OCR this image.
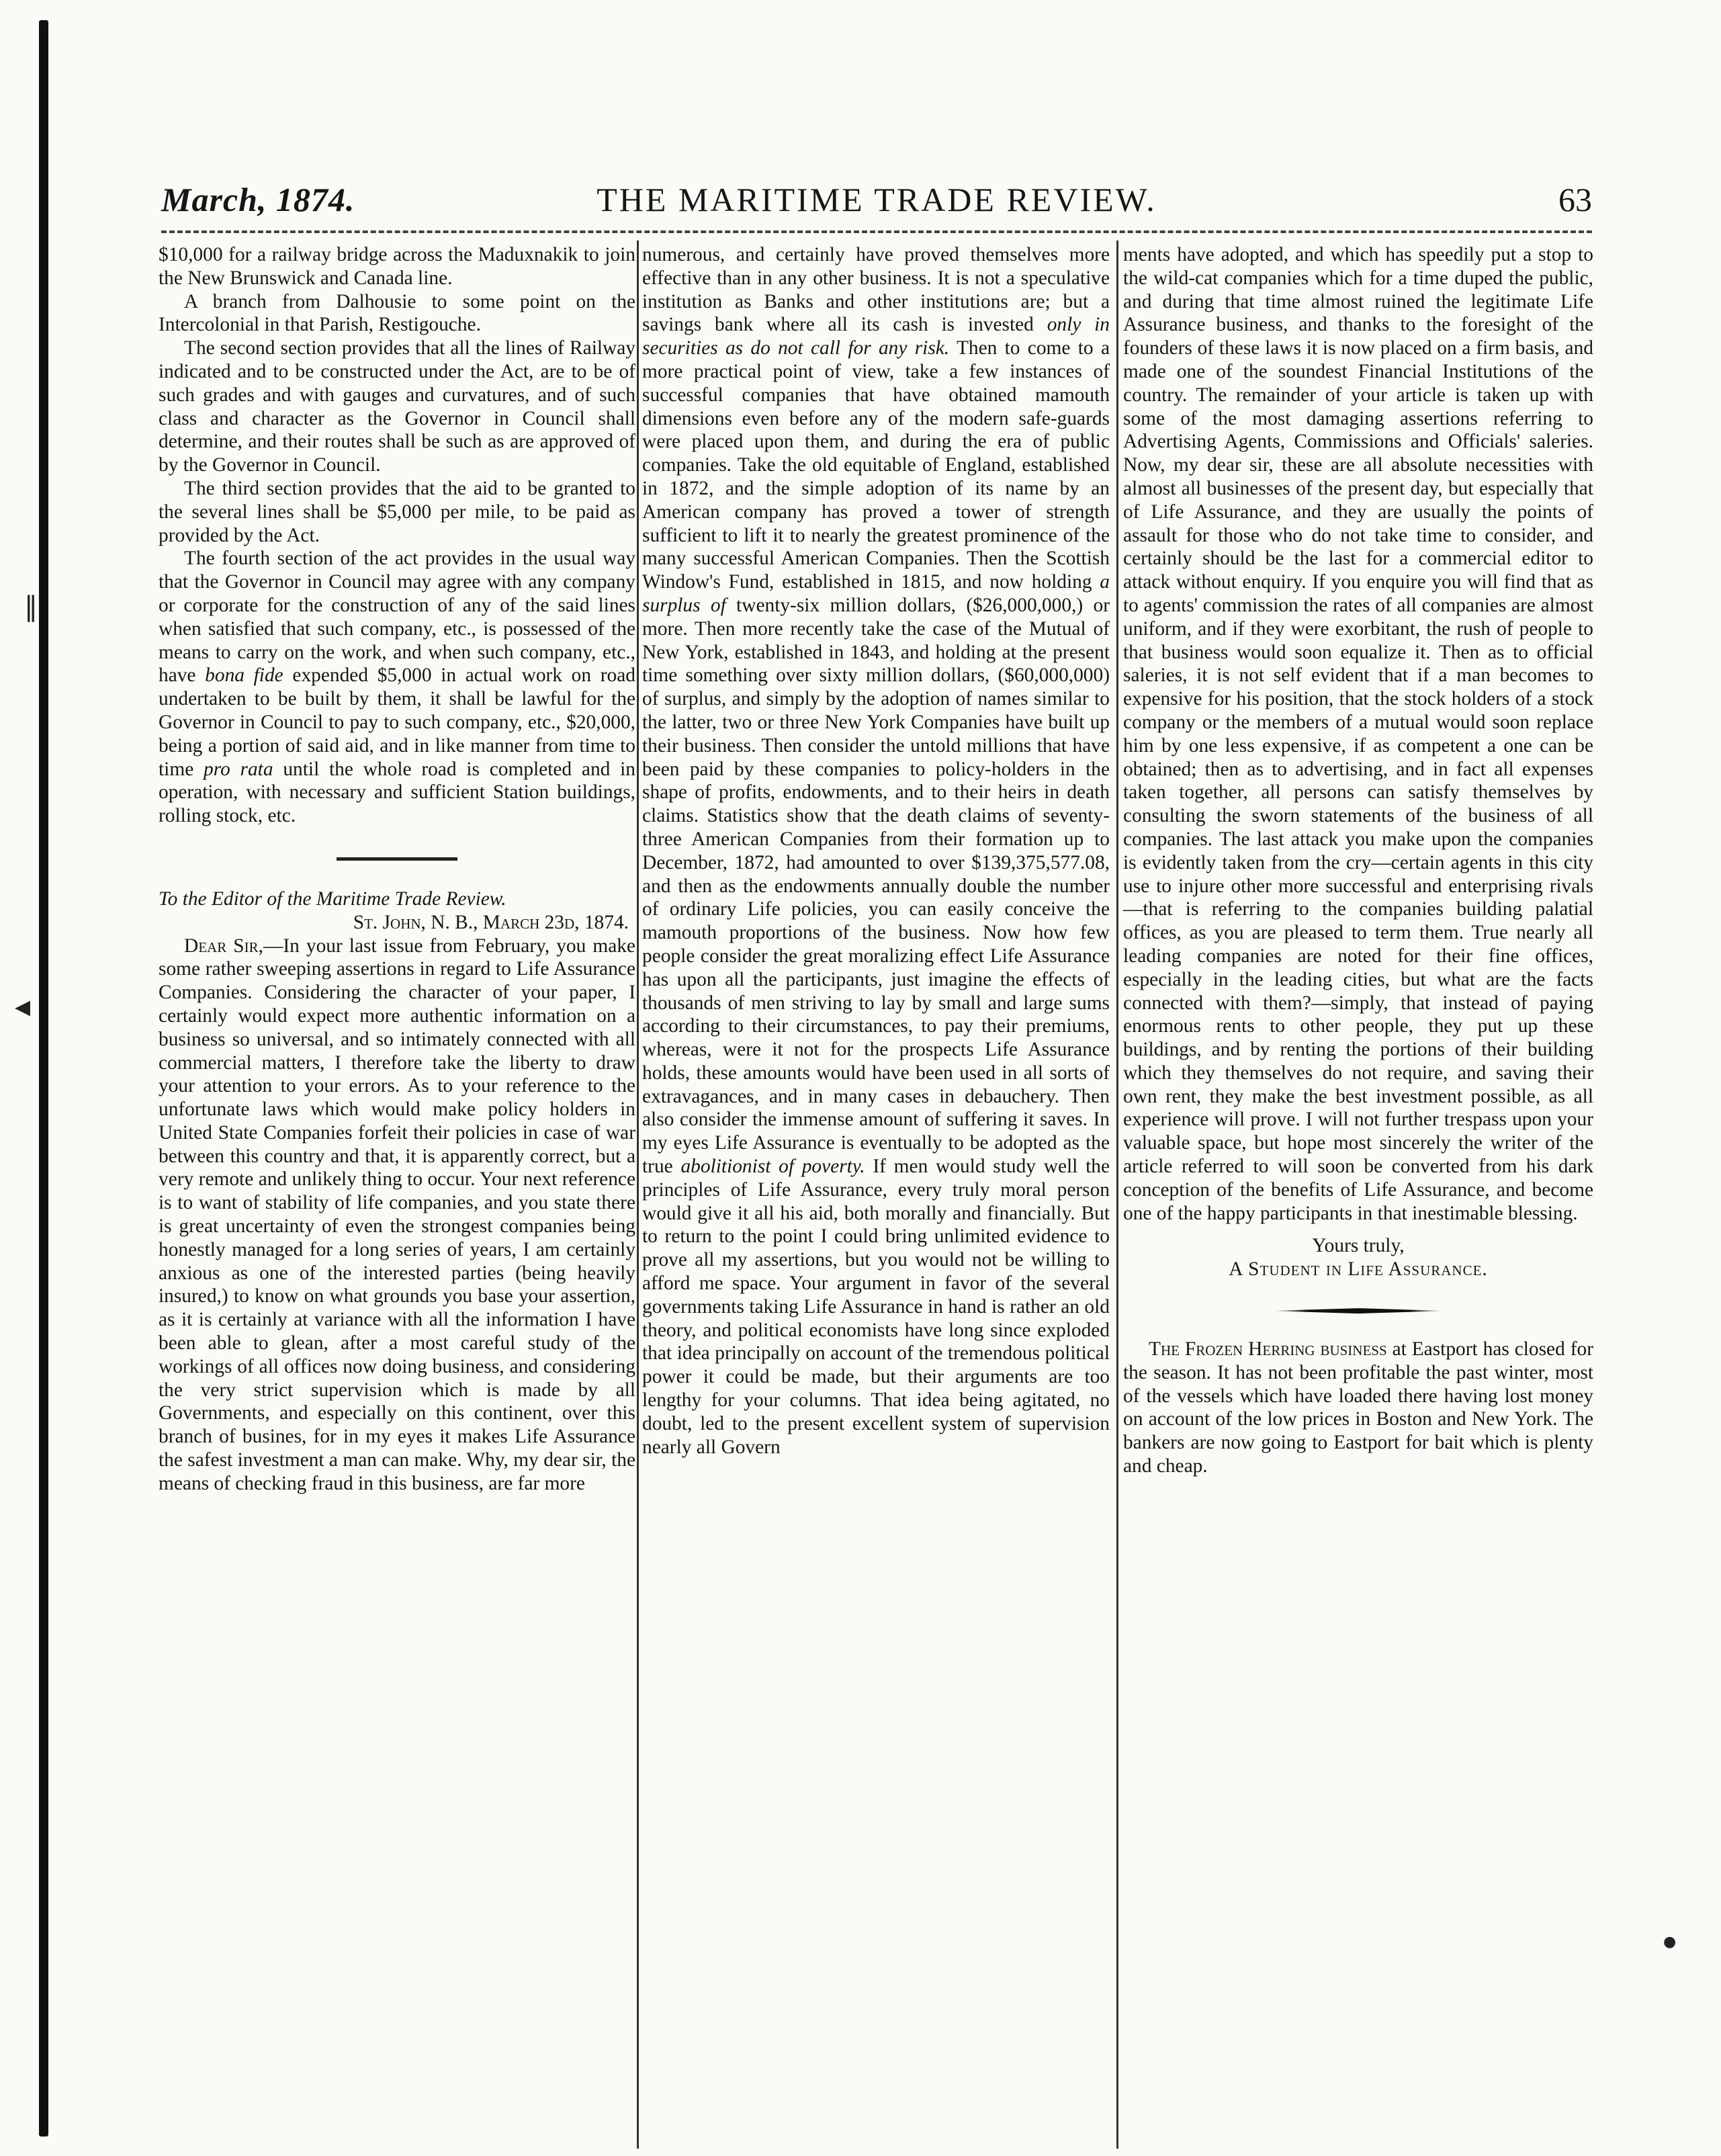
‖
◂
●
March, 1874.	THE MARITIME TRADE REVIEW.	63

$10,000 for a railway bridge across the Maduxnakik to join the New Brunswick and Canada line.

A branch from Dalhousie to some point on the Intercolonial in that Parish, Restigouche.

The second section provides that all the lines of Railway indicated and to be constructed under the Act, are to be of such grades and with gauges and curvatures, and of such class and character as the Governor in Council shall determine, and their routes shall be such as are approved of by the Governor in Council.

The third section provides that the aid to be granted to the several lines shall be $5,000 per mile, to be paid as provided by the Act.

The fourth section of the act provides in the usual way that the Governor in Council may agree with any company or corporate for the construction of any of the said lines when satisfied that such company, etc., is possessed of the means to carry on the work, and when such company, etc., have bona fide expended $5,000 in actual work on road undertaken to be built by them, it shall be lawful for the Governor in Council to pay to such company, etc., $20,000, being a portion of said aid, and in like manner from time to time pro rata until the whole road is completed and in operation, with necessary and sufficient Station buildings, rolling stock, etc.

To the Editor of the Maritime Trade Review.

St. John, N. B., March 23d, 1874.

Dear Sir,—In your last issue from February, you make some rather sweeping assertions in regard to Life Assurance Companies. Considering the character of your paper, I certainly would expect more authentic information on a business so universal, and so intimately connected with all commercial matters, I therefore take the liberty to draw your attention to your errors. As to your reference to the unfortunate laws which would make policy holders in United State Companies forfeit their policies in case of war between this country and that, it is apparently correct, but a very remote and unlikely thing to occur. Your next reference is to want of stability of life companies, and you state there is great uncertainty of even the strongest companies being honestly managed for a long series of years, I am certainly anxious as one of the interested parties (being heavily insured,) to know on what grounds you base your assertion, as it is certainly at variance with all the information I have been able to glean, after a most careful study of the workings of all offices now doing business, and considering the very strict supervision which is made by all Governments, and especially on this continent, over this branch of busines, for in my eyes it makes Life Assurance the safest investment a man can make. Why, my dear sir, the means of checking fraud in this business, are far more

numerous, and certainly have proved themselves more effective than in any other business. It is not a speculative institution as Banks and other institutions are; but a savings bank where all its cash is invested only in securities as do not call for any risk. Then to come to a more practical point of view, take a few instances of successful companies that have obtained mamouth dimensions even before any of the modern safe-guards were placed upon them, and during the era of public companies. Take the old equitable of England, established in 1872, and the simple adoption of its name by an American company has proved a tower of strength sufficient to lift it to nearly the greatest prominence of the many successful American Companies. Then the Scottish Window's Fund, established in 1815, and now holding a surplus of twenty-six million dollars, ($26,000,000,) or more. Then more recently take the case of the Mutual of New York, established in 1843, and holding at the present time something over sixty million dollars, ($60,000,000) of surplus, and simply by the adoption of names similar to the latter, two or three New York Companies have built up their business. Then consider the untold millions that have been paid by these companies to policy-holders in the shape of profits, endowments, and to their heirs in death claims. Statistics show that the death claims of seventy-three American Companies from their formation up to December, 1872, had amounted to over $139,375,577.08, and then as the endowments annually double the number of ordinary Life policies, you can easily conceive the mamouth proportions of the business. Now how few people consider the great moralizing effect Life Assurance has upon all the participants, just imagine the effects of thousands of men striving to lay by small and large sums according to their circumstances, to pay their premiums, whereas, were it not for the prospects Life Assurance holds, these amounts would have been used in all sorts of extravagances, and in many cases in debauchery. Then also consider the immense amount of suffering it saves. In my eyes Life Assurance is eventually to be adopted as the true abolitionist of poverty. If men would study well the principles of Life Assurance, every truly moral person would give it all his aid, both morally and financially. But to return to the point I could bring unlimited evidence to prove all my assertions, but you would not be willing to afford me space. Your argument in favor of the several governments taking Life Assurance in hand is rather an old theory, and political economists have long since exploded that idea principally on account of the tremendous political power it could be made, but their arguments are too lengthy for your columns. That idea being agitated, no doubt, led to the present excellent system of supervision nearly all Govern

ments have adopted, and which has speedily put a stop to the wild-cat companies which for a time duped the public, and during that time almost ruined the legitimate Life Assurance business, and thanks to the foresight of the founders of these laws it is now placed on a firm basis, and made one of the soundest Financial Institutions of the country. The remainder of your article is taken up with some of the most damaging assertions referring to Advertising Agents, Commissions and Officials' saleries. Now, my dear sir, these are all absolute necessities with almost all businesses of the present day, but especially that of Life Assurance, and they are usually the points of assault for those who do not take time to consider, and certainly should be the last for a commercial editor to attack without enquiry. If you enquire you will find that as to agents' commission the rates of all companies are almost uniform, and if they were exorbitant, the rush of people to that business would soon equalize it. Then as to official saleries, it is not self evident that if a man becomes to expensive for his position, that the stock holders of a stock company or the members of a mutual would soon replace him by one less expensive, if as competent a one can be obtained; then as to advertising, and in fact all expenses taken together, all persons can satisfy themselves by consulting the sworn statements of the business of all companies. The last attack you make upon the companies is evidently taken from the cry—certain agents in this city use to injure other more successful and enterprising rivals—that is referring to the companies building palatial offices, as you are pleased to term them. True nearly all leading companies are noted for their fine offices, especially in the leading cities, but what are the facts connected with them?—simply, that instead of paying enormous rents to other people, they put up these buildings, and by renting the portions of their building which they themselves do not require, and saving their own rent, they make the best investment possible, as all experience will prove. I will not further trespass upon your valuable space, but hope most sincerely the writer of the article referred to will soon be converted from his dark conception of the benefits of Life Assurance, and become one of the happy participants in that inestimable blessing.

Yours truly,

A Student in Life Assurance.

The Frozen Herring business at Eastport has closed for the season. It has not been profitable the past winter, most of the vessels which have loaded there having lost money on account of the low prices in Boston and New York. The bankers are now going to Eastport for bait which is plenty and cheap.
